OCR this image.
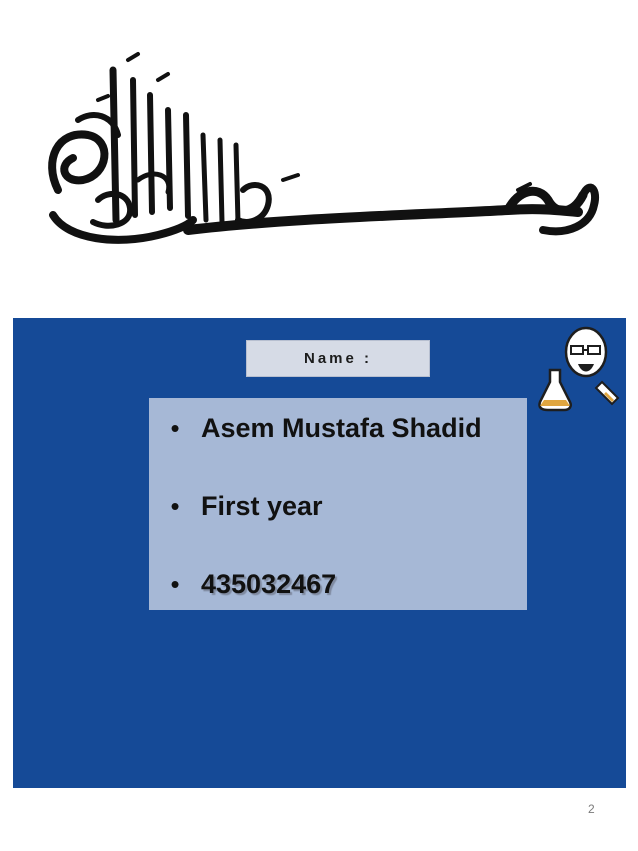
Name :
• Asem Mustafa Shadid
• First year
• 435032467
2
